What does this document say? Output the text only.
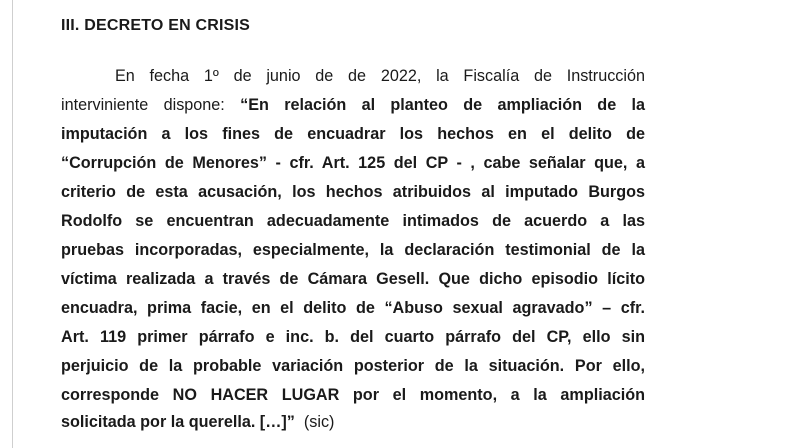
III. DECRETO EN CRISIS
En fecha 1º de junio de de 2022, la Fiscalía de Instrucción
interviniente dispone: “En relación al planteo de ampliación de la
imputación a los fines de encuadrar los hechos en el delito de
“Corrupción de Menores” - cfr. Art. 125 del CP - , cabe señalar que, a
criterio de esta acusación, los hechos atribuidos al imputado Burgos
Rodolfo se encuentran adecuadamente intimados de acuerdo a las
pruebas incorporadas, especialmente, la declaración testimonial de la
víctima realizada a través de Cámara Gesell. Que dicho episodio lícito
encuadra, prima facie, en el delito de “Abuso sexual agravado” – cfr.
Art. 119 primer párrafo e inc. b. del cuarto párrafo del CP, ello sin
perjuicio de la probable variación posterior de la situación. Por ello,
corresponde NO HACER LUGAR por el momento, a la ampliación
solicitada por la querella. […]”  (sic)
